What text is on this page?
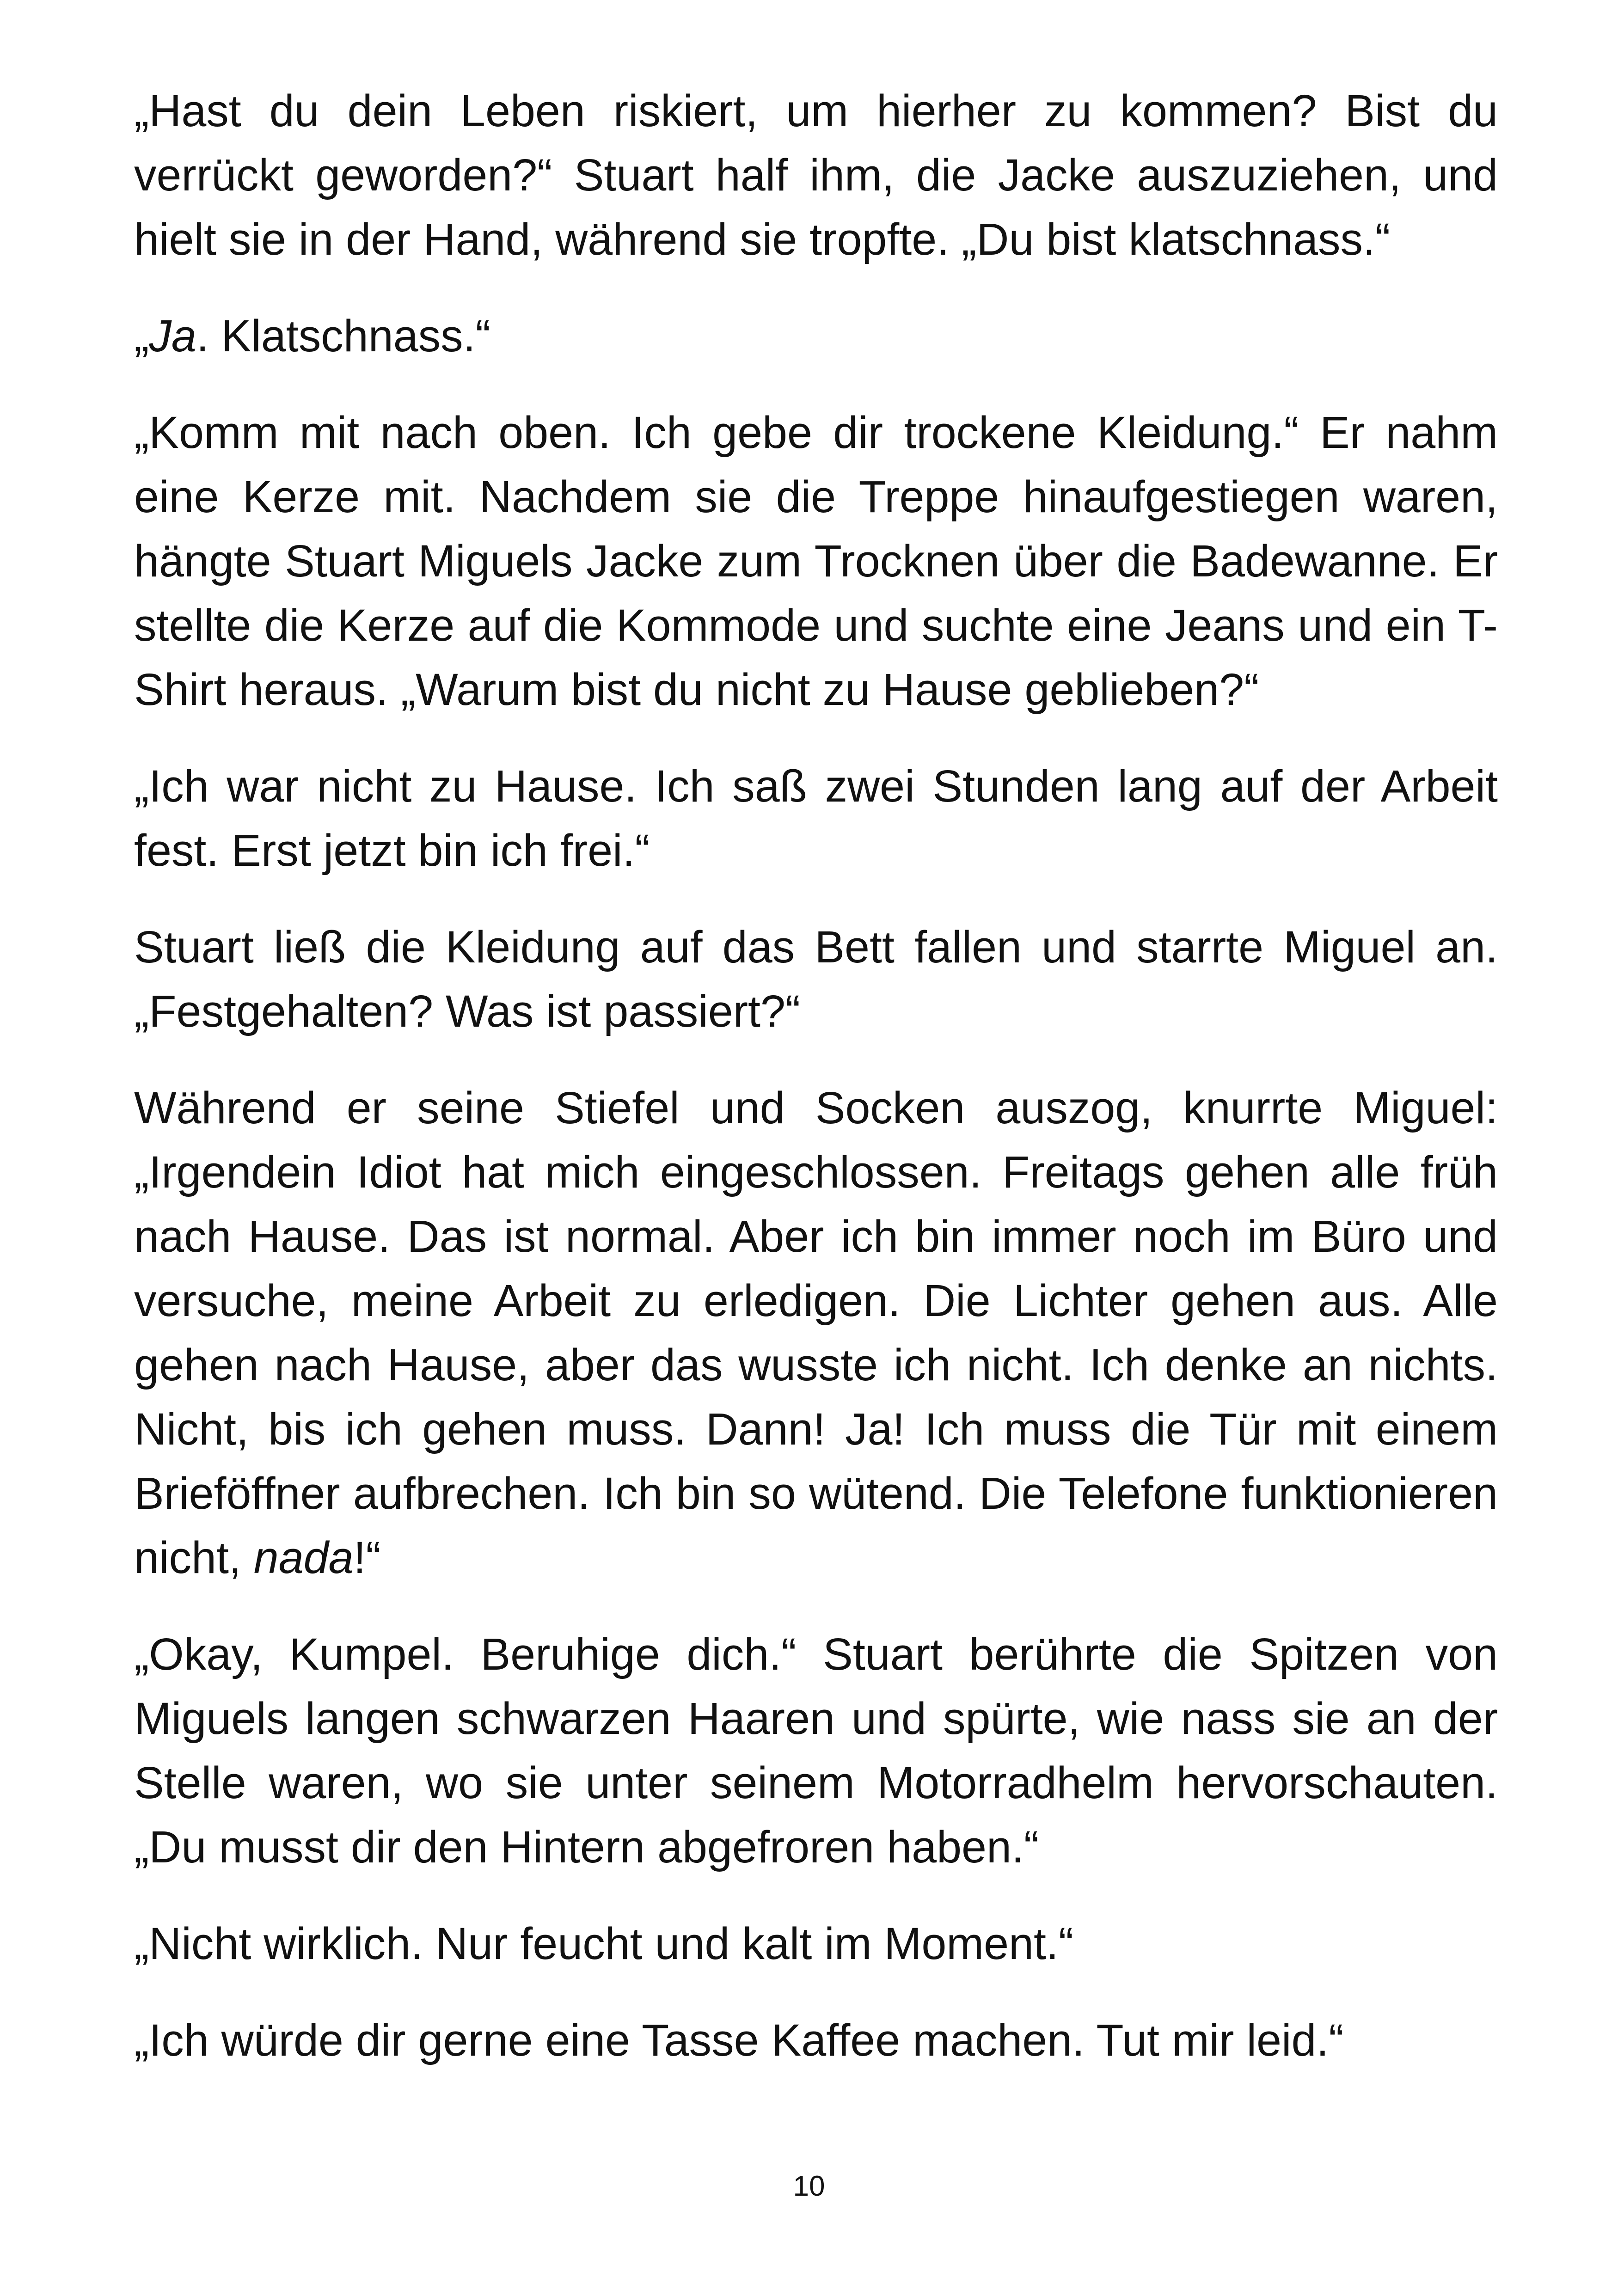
„Hast du dein Leben riskiert, um hierher zu kommen? Bist du verrückt geworden?“ Stuart half ihm, die Jacke auszuziehen, und hielt sie in der Hand, während sie tropfte. „Du bist klatschnass.“

„Ja. Klatschnass.“

„Komm mit nach oben. Ich gebe dir trockene Kleidung.“ Er nahm eine Kerze mit. Nachdem sie die Treppe hinaufgestiegen waren, hängte Stuart Miguels Jacke zum Trocknen über die Badewanne. Er stellte die Kerze auf die Kommode und suchte eine Jeans und ein T-Shirt heraus. „Warum bist du nicht zu Hause geblieben?“

„Ich war nicht zu Hause. Ich saß zwei Stunden lang auf der Arbeit fest. Erst jetzt bin ich frei.“

Stuart ließ die Kleidung auf das Bett fallen und starrte Miguel an. „Festgehalten? Was ist passiert?“

Während er seine Stiefel und Socken auszog, knurrte Miguel: „Irgendein Idiot hat mich eingeschlossen. Freitags gehen alle früh nach Hause. Das ist normal. Aber ich bin immer noch im Büro und versuche, meine Arbeit zu erledigen. Die Lichter gehen aus. Alle gehen nach Hause, aber das wusste ich nicht. Ich denke an nichts. Nicht, bis ich gehen muss. Dann! Ja! Ich muss die Tür mit einem Brieföffner aufbrechen. Ich bin so wütend. Die Telefone funktionieren nicht, nada!“

„Okay, Kumpel. Beruhige dich.“ Stuart berührte die Spitzen von Miguels langen schwarzen Haaren und spürte, wie nass sie an der Stelle waren, wo sie unter seinem Motorradhelm hervorschauten. „Du musst dir den Hintern abgefroren haben.“

„Nicht wirklich. Nur feucht und kalt im Moment.“

„Ich würde dir gerne eine Tasse Kaffee machen. Tut mir leid.“

10
